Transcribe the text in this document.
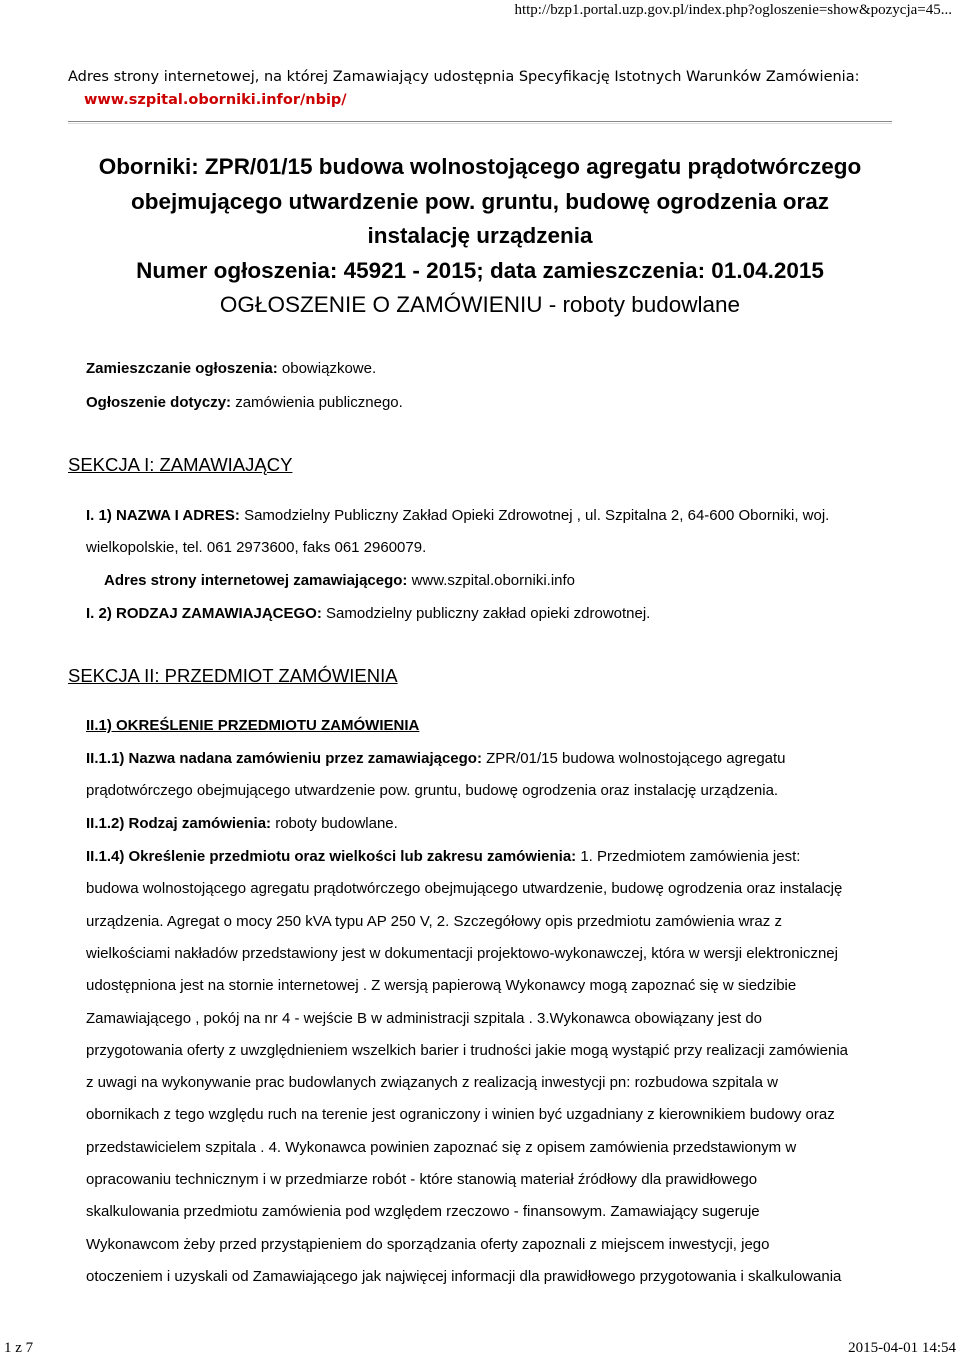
http://bzp1.portal.uzp.gov.pl/index.php?ogloszenie=show&pozycja=45...
Adres strony internetowej, na której Zamawiający udostępnia Specyfikację Istotnych Warunków Zamówienia:
www.szpital.oborniki.infor/nbip/
Oborniki: ZPR/01/15 budowa wolnostojącego agregatu prądotwórczego
obejmującego utwardzenie pow. gruntu, budowę ogrodzenia oraz
instalację urządzenia
Numer ogłoszenia: 45921 - 2015; data zamieszczenia: 01.04.2015
OGŁOSZENIE O ZAMÓWIENIU - roboty budowlane
Zamieszczanie ogłoszenia: obowiązkowe.
Ogłoszenie dotyczy: zamówienia publicznego.
SEKCJA I: ZAMAWIAJĄCY
I. 1) NAZWA I ADRES: Samodzielny Publiczny Zakład Opieki Zdrowotnej , ul. Szpitalna 2, 64-600 Oborniki, woj.
wielkopolskie, tel. 061 2973600, faks 061 2960079.
Adres strony internetowej zamawiającego: www.szpital.oborniki.info
I. 2) RODZAJ ZAMAWIAJĄCEGO: Samodzielny publiczny zakład opieki zdrowotnej.
SEKCJA II: PRZEDMIOT ZAMÓWIENIA
II.1) OKREŚLENIE PRZEDMIOTU ZAMÓWIENIA
II.1.1) Nazwa nadana zamówieniu przez zamawiającego: ZPR/01/15 budowa wolnostojącego agregatu
prądotwórczego obejmującego utwardzenie pow. gruntu, budowę ogrodzenia oraz instalację urządzenia.
II.1.2) Rodzaj zamówienia: roboty budowlane.
II.1.4) Określenie przedmiotu oraz wielkości lub zakresu zamówienia: 1. Przedmiotem zamówienia jest:
budowa wolnostojącego agregatu prądotwórczego obejmującego utwardzenie, budowę ogrodzenia oraz instalację
urządzenia. Agregat o mocy 250 kVA typu AP 250 V, 2. Szczegółowy opis przedmiotu zamówienia wraz z
wielkościami nakładów przedstawiony jest w dokumentacji projektowo-wykonawczej, która w wersji elektronicznej
udostępniona jest na stornie internetowej . Z wersją papierową Wykonawcy mogą zapoznać się w siedzibie
Zamawiającego , pokój na nr 4 - wejście B w administracji szpitala . 3.Wykonawca obowiązany jest do
przygotowania oferty z uwzględnieniem wszelkich barier i trudności jakie mogą wystąpić przy realizacji zamówienia
z uwagi na wykonywanie prac budowlanych związanych z realizacją inwestycji pn: rozbudowa szpitala w
obornikach z tego względu ruch na terenie jest ograniczony i winien być uzgadniany z kierownikiem budowy oraz
przedstawicielem szpitala . 4. Wykonawca powinien zapoznać się z opisem zamówienia przedstawionym w
opracowaniu technicznym i w przedmiarze robót - które stanowią materiał źródłowy dla prawidłowego
skalkulowania przedmiotu zamówienia pod względem rzeczowo - finansowym. Zamawiający sugeruje
Wykonawcom żeby przed przystąpieniem do sporządzania oferty zapoznali z miejscem inwestycji, jego
otoczeniem i uzyskali od Zamawiającego jak najwięcej informacji dla prawidłowego przygotowania i skalkulowania
1 z 7	2015-04-01 14:54
